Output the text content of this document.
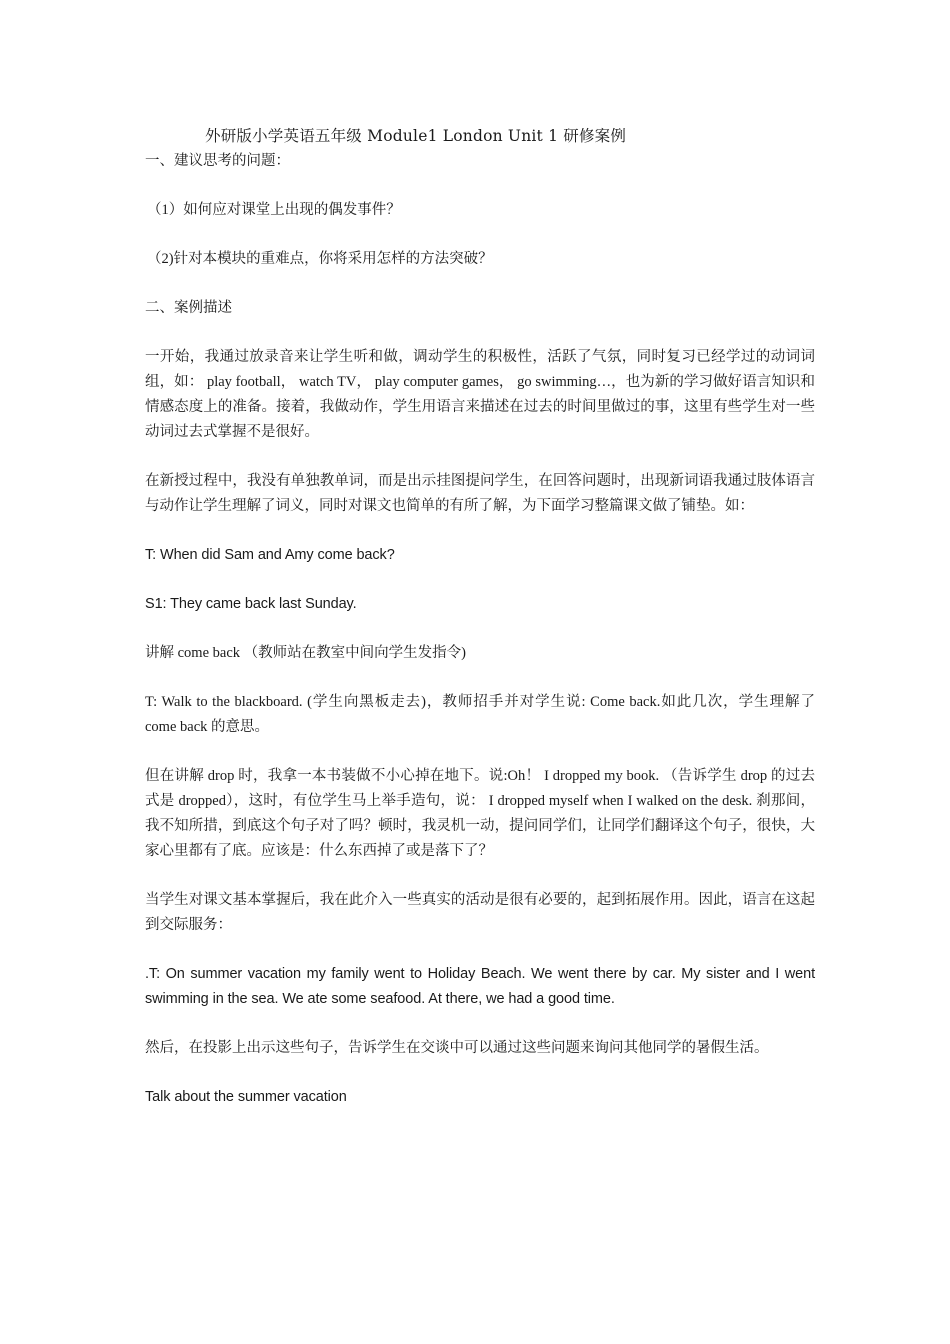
外研版小学英语五年级 Module1 London Unit 1 研修案例

一、建议思考的问题：

（1）如何应对课堂上出现的偶发事件？

（2)针对本模块的重难点，你将采用怎样的方法突破？

二、案例描述

一开始，我通过放录音来让学生听和做，调动学生的积极性，活跃了气氛，同时复习已经学过的动词词组，如： play football， watch TV， play computer games， go swimming…，也为新的学习做好语言知识和情感态度上的准备。接着，我做动作，学生用语言来描述在过去的时间里做过的事，这里有些学生对一些动词过去式掌握不是很好。

在新授过程中，我没有单独教单词，而是出示挂图提问学生，在回答问题时，出现新词语我通过肢体语言与动作让学生理解了词义，同时对课文也简单的有所了解，为下面学习整篇课文做了铺垫。如：

T: When did Sam and Amy come back?

S1: They came back last Sunday.

讲解 come back （教师站在教室中间向学生发指令)

T: Walk to the blackboard. (学生向黑板走去)，教师招手并对学生说: Come back.如此几次，学生理解了 come back 的意思。

但在讲解 drop 时，我拿一本书装做不小心掉在地下。说:Oh！ I dropped my book. （告诉学生 drop 的过去式是 dropped），这时，有位学生马上举手造句，说： I dropped myself when I walked on the desk. 刹那间，我不知所措，到底这个句子对了吗？顿时，我灵机一动，提问同学们，让同学们翻译这个句子，很快，大家心里都有了底。应该是：什么东西掉了或是落下了？

当学生对课文基本掌握后，我在此介入一些真实的活动是很有必要的，起到拓展作用。因此，语言在这起到交际服务：

.T: On summer vacation my family went to Holiday Beach. We went there by car. My sister and I went swimming in the sea. We ate some seafood. At there, we had a good time.

然后，在投影上出示这些句子，告诉学生在交谈中可以通过这些问题来询问其他同学的暑假生活。

Talk about the summer vacation
